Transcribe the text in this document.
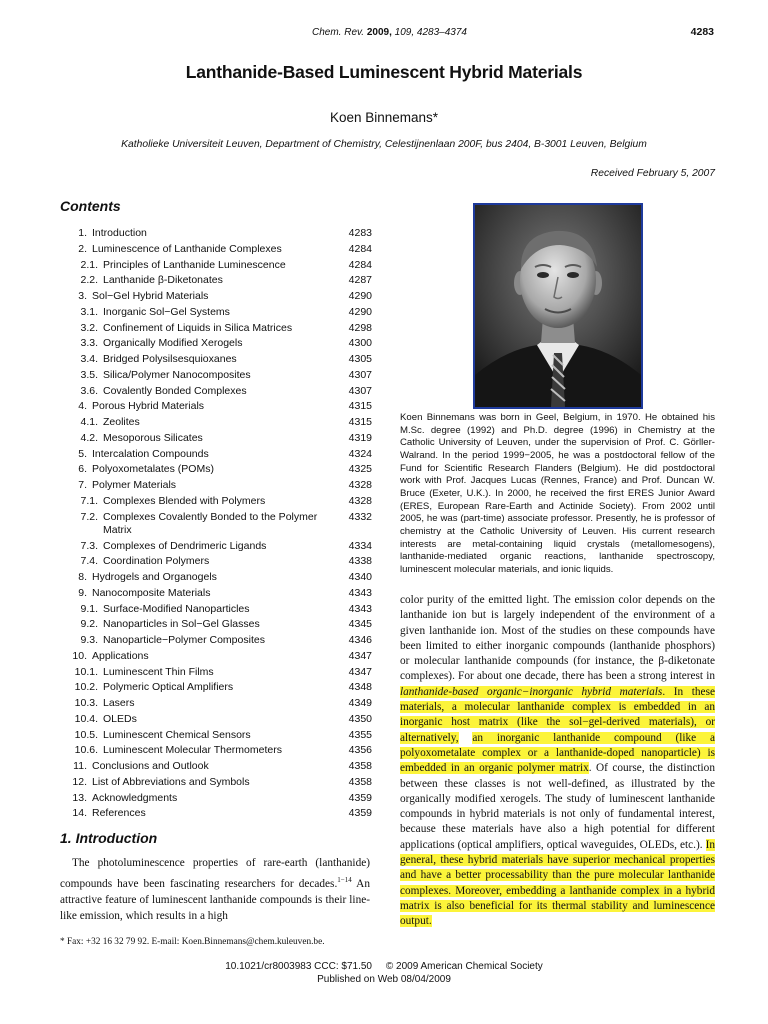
Chem. Rev. 2009, 109, 4283–4374	4283
Lanthanide-Based Luminescent Hybrid Materials
Koen Binnemans*
Katholieke Universiteit Leuven, Department of Chemistry, Celestijnenlaan 200F, bus 2404, B-3001 Leuven, Belgium
Received February 5, 2007
Contents
1. Introduction	4283
2. Luminescence of Lanthanide Complexes	4284
2.1. Principles of Lanthanide Luminescence	4284
2.2. Lanthanide β-Diketonates	4287
3. Sol−Gel Hybrid Materials	4290
3.1. Inorganic Sol−Gel Systems	4290
3.2. Confinement of Liquids in Silica Matrices	4298
3.3. Organically Modified Xerogels	4300
3.4. Bridged Polysilsesquioxanes	4305
3.5. Silica/Polymer Nanocomposites	4307
3.6. Covalently Bonded Complexes	4307
4. Porous Hybrid Materials	4315
4.1. Zeolites	4315
4.2. Mesoporous Silicates	4319
5. Intercalation Compounds	4324
6. Polyoxometalates (POMs)	4325
7. Polymer Materials	4328
7.1. Complexes Blended with Polymers	4328
7.2. Complexes Covalently Bonded to the Polymer Matrix
4332
7.3. Complexes of Dendrimeric Ligands	4334
7.4. Coordination Polymers	4338
8. Hydrogels and Organogels	4340
9. Nanocomposite Materials	4343
9.1. Surface-Modified Nanoparticles	4343
9.2. Nanoparticles in Sol−Gel Glasses	4345
9.3. Nanoparticle−Polymer Composites	4346
10. Applications	4347
10.1. Luminescent Thin Films	4347
10.2. Polymeric Optical Amplifiers	4348
10.3. Lasers	4349
10.4. OLEDs	4350
10.5. Luminescent Chemical Sensors	4355
10.6. Luminescent Molecular Thermometers	4356
11. Conclusions and Outlook	4358
12. List of Abbreviations and Symbols	4358
13. Acknowledgments	4359
14. References	4359
1. Introduction
The photoluminescence properties of rare-earth (lanthanide) compounds have been fascinating researchers for decades.$^{1-14}$ An attractive feature of luminescent lanthanide compounds is their line-like emission, which results in a high
* Fax: +32 16 32 79 92. E-mail: Koen.Binnemans@chem.kuleuven.be.
Koen Binnemans was born in Geel, Belgium, in 1970. He obtained his M.Sc. degree (1992) and Ph.D. degree (1996) in Chemistry at the Catholic University of Leuven, under the supervision of Prof. C. Görller-Walrand. In the period 1999−2005, he was a postdoctoral fellow of the Fund for Scientific Research Flanders (Belgium). He did postdoctoral work with Prof. Jacques Lucas (Rennes, France) and Prof. Duncan W. Bruce (Exeter, U.K.). In 2000, he received the first ERES Junior Award (ERES, European Rare-Earth and Actinide Society). From 2002 until 2005, he was (part-time) associate professor. Presently, he is professor of chemistry at the Catholic University of Leuven. His current research interests are metal-containing liquid crystals (metallomesogens), lanthanide-mediated organic reactions, lanthanide spectroscopy, luminescent molecular materials, and ionic liquids.
color purity of the emitted light. The emission color depends on the lanthanide ion but is largely independent of the environment of a given lanthanide ion. Most of the studies on these compounds have been limited to either inorganic compounds (lanthanide phosphors) or molecular lanthanide compounds (for instance, the β-diketonate complexes). For about one decade, there has been a strong interest in lanthanide-based organic−inorganic hybrid materials. In these materials, a molecular lanthanide complex is embedded in an inorganic host matrix (like the sol−gel-derived materials), or alternatively, an inorganic lanthanide compound (like a polyoxometalate complex or a lanthanide-doped nanoparticle) is embedded in an organic polymer matrix. Of course, the distinction between these classes is not well-defined, as illustrated by the organically modified xerogels. The study of luminescent lanthanide compounds in hybrid materials is not only of fundamental interest, because these materials have also a high potential for different applications (optical amplifiers, optical waveguides, OLEDs, etc.). In general, these hybrid materials have superior mechanical properties and have a better processability than the pure molecular lanthanide complexes. Moreover, embedding a lanthanide complex in a hybrid matrix is also beneficial for its thermal stability and luminescence output.
10.1021/cr8003983 CCC: $71.50     © 2009 American Chemical Society
Published on Web 08/04/2009
